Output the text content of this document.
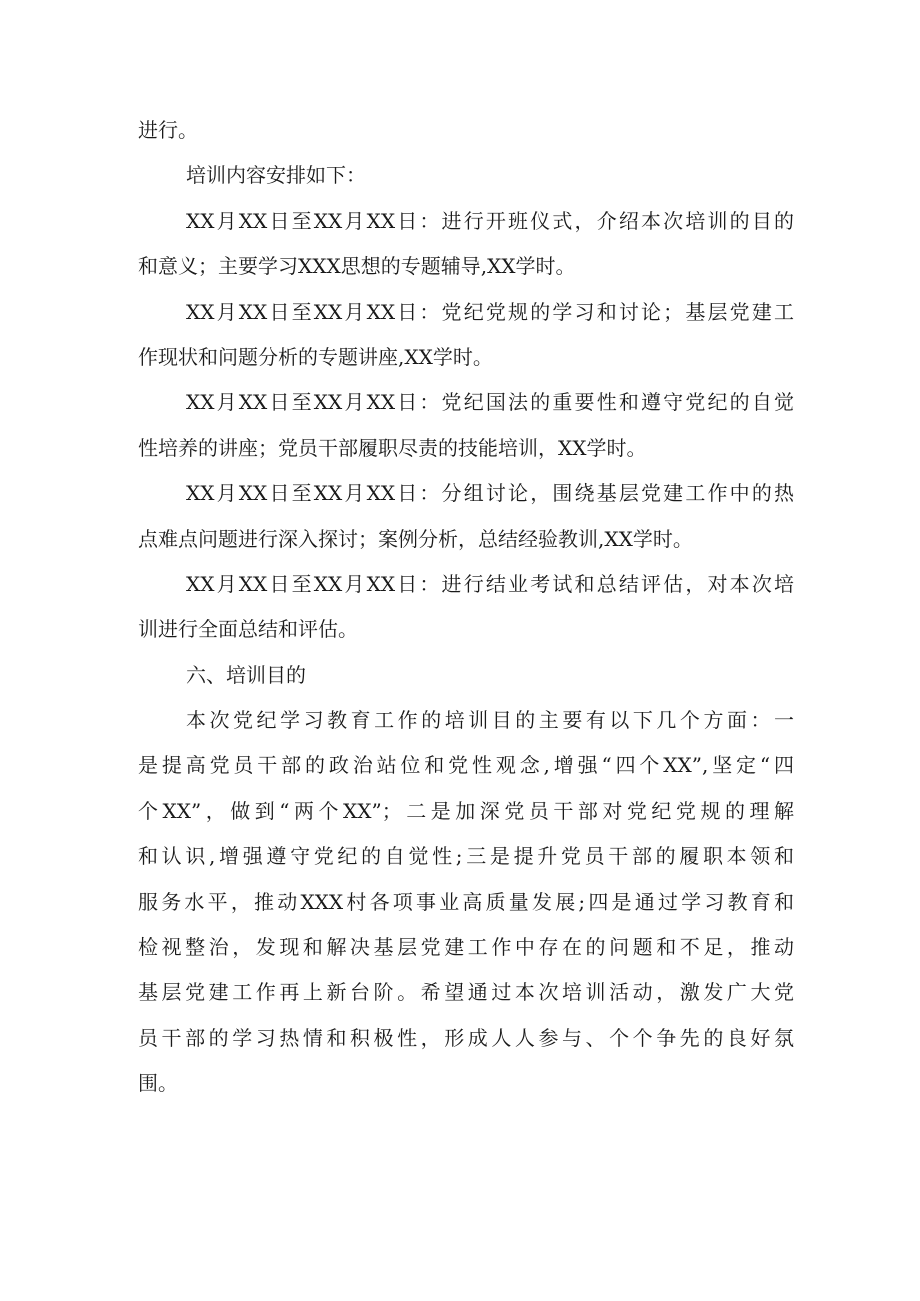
进行。
培训内容安排如下：
XX月XX日至XX月XX日：进行开班仪式，介绍本次培训的目的
和意义；主要学习XXX思想的专题辅导,XX学时。
XX月XX日至XX月XX日：党纪党规的学习和讨论；基层党建工
作现状和问题分析的专题讲座,XX学时。
XX月XX日至XX月XX日：党纪国法的重要性和遵守党纪的自觉
性培养的讲座；党员干部履职尽责的技能培训，XX学时。
XX月XX日至XX月XX日：分组讨论，围绕基层党建工作中的热
点难点问题进行深入探讨；案例分析，总结经验教训,XX学时。
XX月XX日至XX月XX日：进行结业考试和总结评估，对本次培
训进行全面总结和评估。
六、培训目的
本次党纪学习教育工作的培训目的主要有以下几个方面：一
是提高党员干部的政治站位和党性观念,增强“四个XX”,坚定“四
个XX”，做到“两个XX”；二是加深党员干部对党纪党规的理解
和认识,增强遵守党纪的自觉性;三是提升党员干部的履职本领和
服务水平，推动XXX村各项事业高质量发展;四是通过学习教育和
检视整治，发现和解决基层党建工作中存在的问题和不足，推动
基层党建工作再上新台阶。希望通过本次培训活动，激发广大党
员干部的学习热情和积极性，形成人人参与、个个争先的良好氛
围。
